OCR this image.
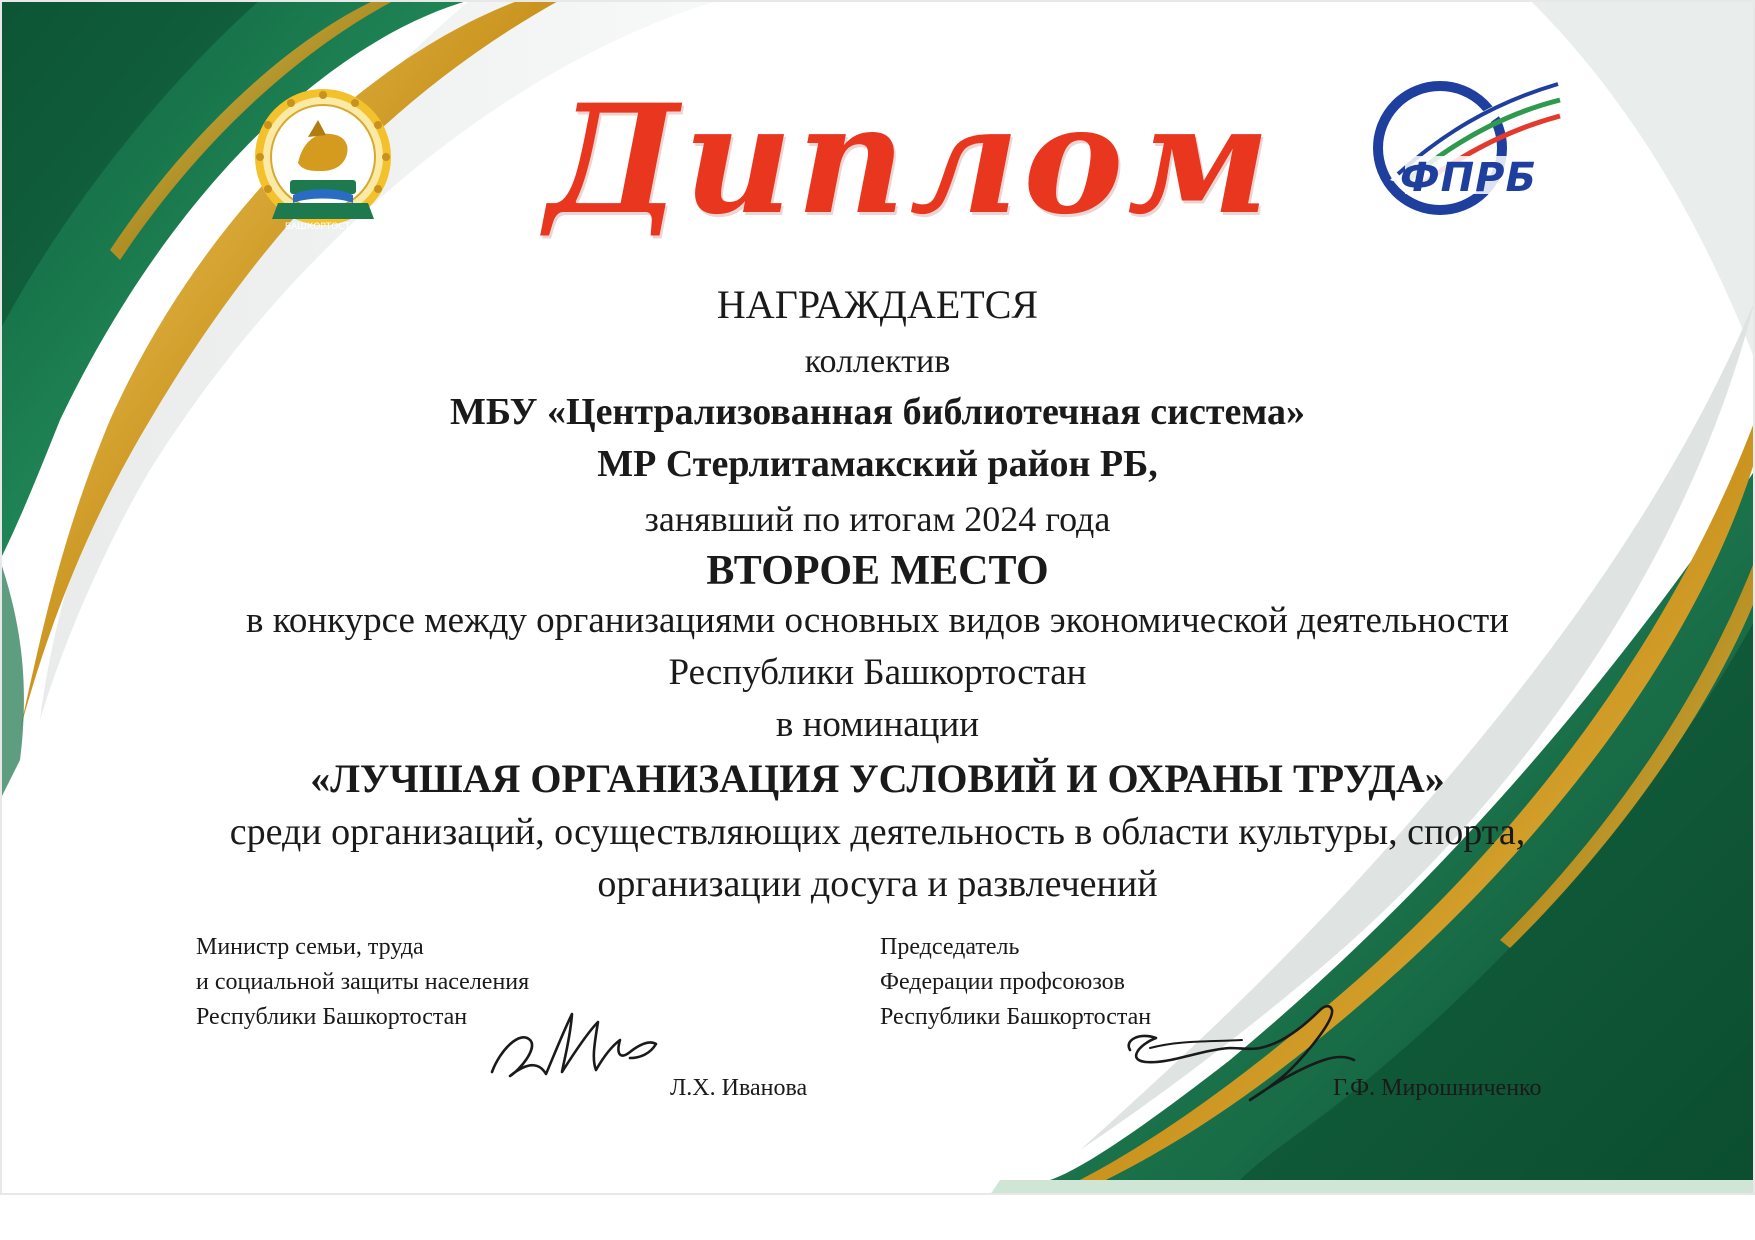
БАШКОРТОСТАН
ФПРБ
Диплом
НАГРАЖДАЕТСЯ
коллектив
МБУ «Централизованная библиотечная система»
МР Стерлитамакский район РБ,
занявший по итогам 2024 года
ВТОРОЕ МЕСТО
в конкурсе между организациями основных видов экономической деятельности
Республики Башкортостан
в номинации
«ЛУЧШАЯ ОРГАНИЗАЦИЯ УСЛОВИЙ И ОХРАНЫ ТРУДА»
среди организаций, осуществляющих деятельность в области культуры, спорта,
организации досуга и развлечений
Министр семьи, труда
и социальной защиты населения
Республики Башкортостан
Л.Х. Иванова
Председатель
Федерации профсоюзов
Республики Башкортостан
Г.Ф. Мирошниченко
